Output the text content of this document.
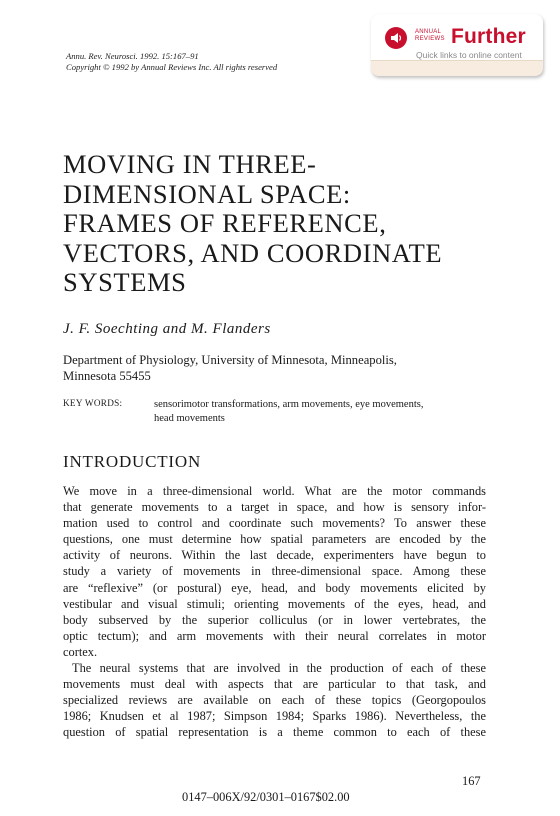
Annu. Rev. Neurosci. 1992. 15:167–91
Copyright © 1992 by Annual Reviews Inc. All rights reserved
ANNUAL
REVIEWS Further
Quick links to online content
MOVING IN THREE-
DIMENSIONAL SPACE:
FRAMES OF REFERENCE,
VECTORS, AND COORDINATE
SYSTEMS
J. F. Soechting and M. Flanders
Department of Physiology, University of Minnesota, Minneapolis,
Minnesota 55455
KEY WORDS:	sensorimotor transformations, arm movements, eye movements,
head movements
INTRODUCTION
We move in a three-dimensional world. What are the motor commands
that generate movements to a target in space, and how is sensory infor-
mation used to control and coordinate such movements? To answer these
questions, one must determine how spatial parameters are encoded by the
activity of neurons. Within the last decade, experimenters have begun to
study a variety of movements in three-dimensional space. Among these
are “reflexive” (or postural) eye, head, and body movements elicited by
vestibular and visual stimuli; orienting movements of the eyes, head, and
body subserved by the superior colliculus (or in lower vertebrates, the
optic tectum); and arm movements with their neural correlates in motor
cortex.
The neural systems that are involved in the production of each of these
movements must deal with aspects that are particular to that task, and
specialized reviews are available on each of these topics (Georgopoulos
1986; Knudsen et al 1987; Simpson 1984; Sparks 1986). Nevertheless, the
question of spatial representation is a theme common to each of these
167
0147–006X/92/0301–0167$02.00
